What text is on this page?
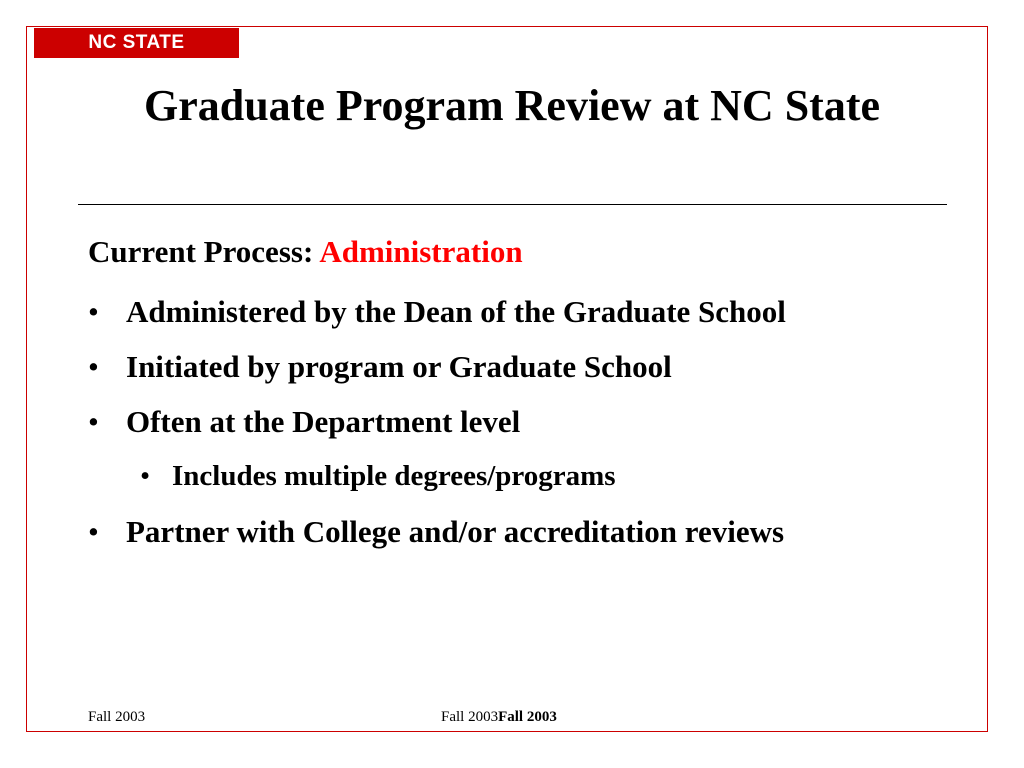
NC STATE UNIVERSITY
Graduate Program Review at NC State
Current Process: Administration
• Administered by the Dean of the Graduate School
• Initiated by program or Graduate School
• Often at the Department level
• Includes multiple degrees/programs
• Partner with College and/or accreditation reviews
Fall 2003	Fall 2003Fall 2003
